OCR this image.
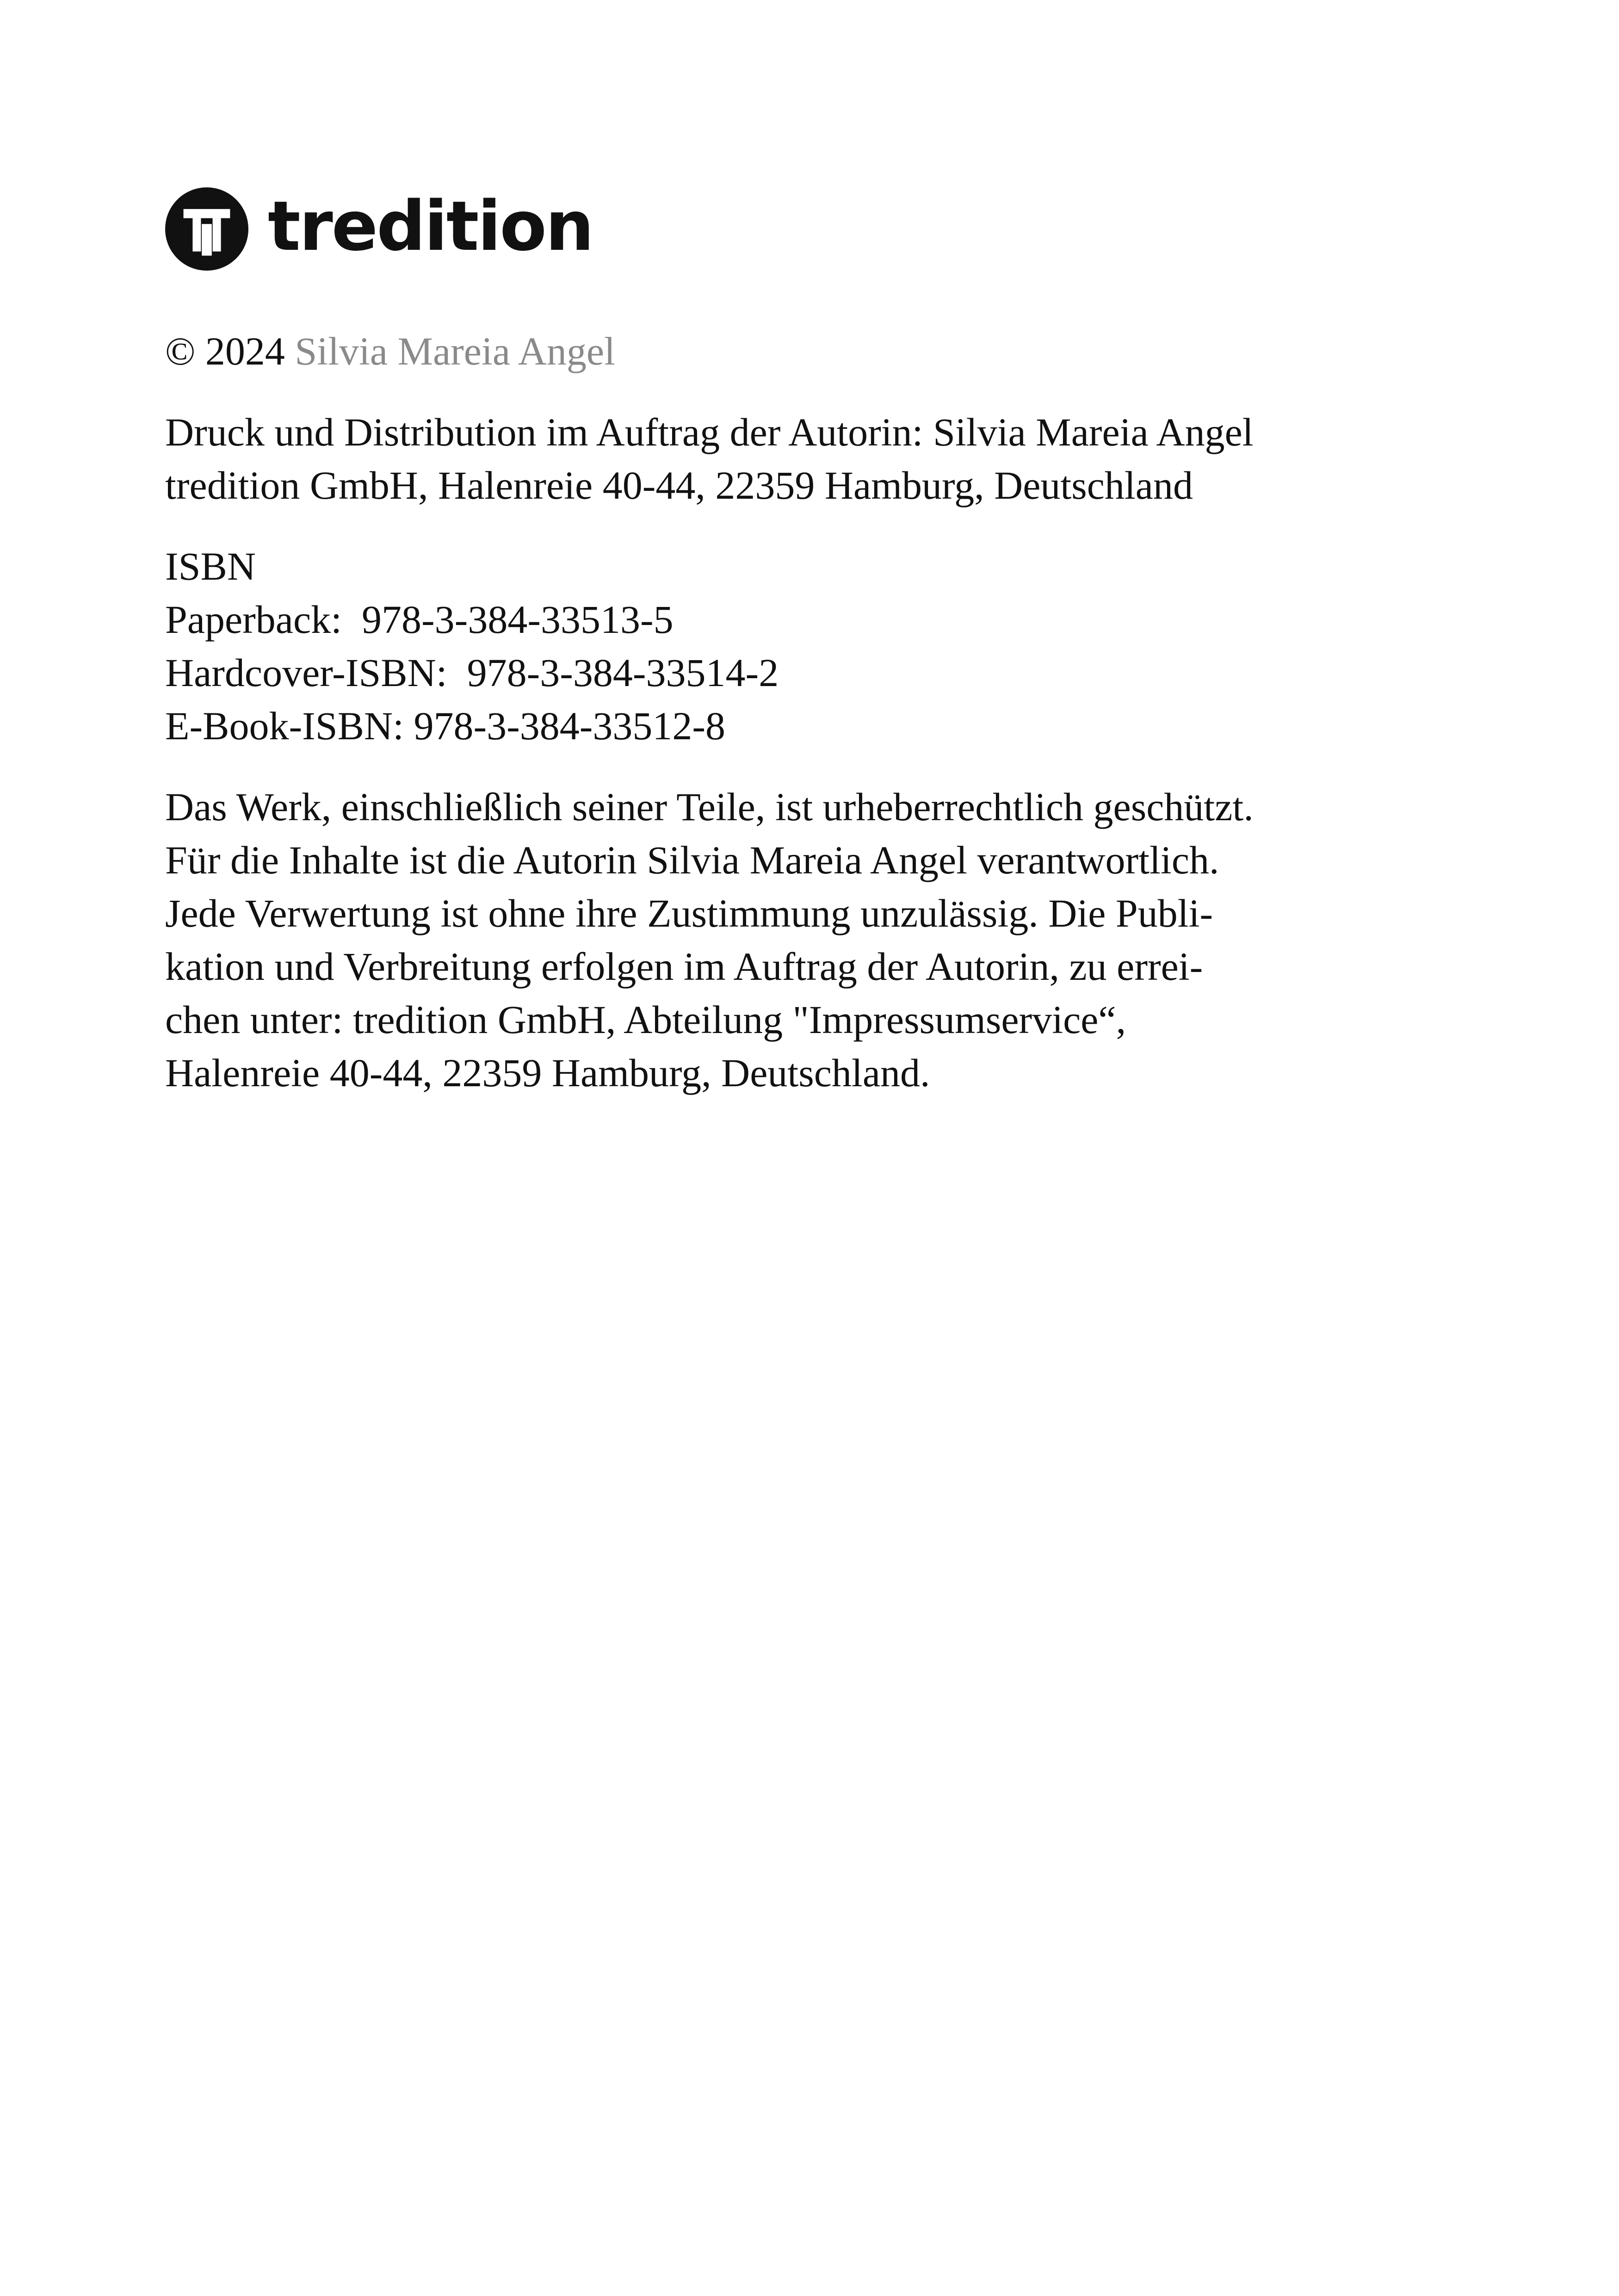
tredition

© 2024 Silvia Mareia Angel

Druck und Distribution im Auftrag der Autorin: Silvia Mareia Angel
tredition GmbH, Halenreie 40-44, 22359 Hamburg, Deutschland

ISBN
Paperback:  978-3-384-33513-5
Hardcover-ISBN:  978-3-384-33514-2
E-Book-ISBN: 978-3-384-33512-8

Das Werk, einschließlich seiner Teile, ist urheberrechtlich geschützt.
Für die Inhalte ist die Autorin Silvia Mareia Angel verantwortlich.
Jede Verwertung ist ohne ihre Zustimmung unzulässig. Die Publi-
kation und Verbreitung erfolgen im Auftrag der Autorin, zu errei-
chen unter: tredition GmbH, Abteilung "Impressumservice“,
Halenreie 40-44, 22359 Hamburg, Deutschland.
